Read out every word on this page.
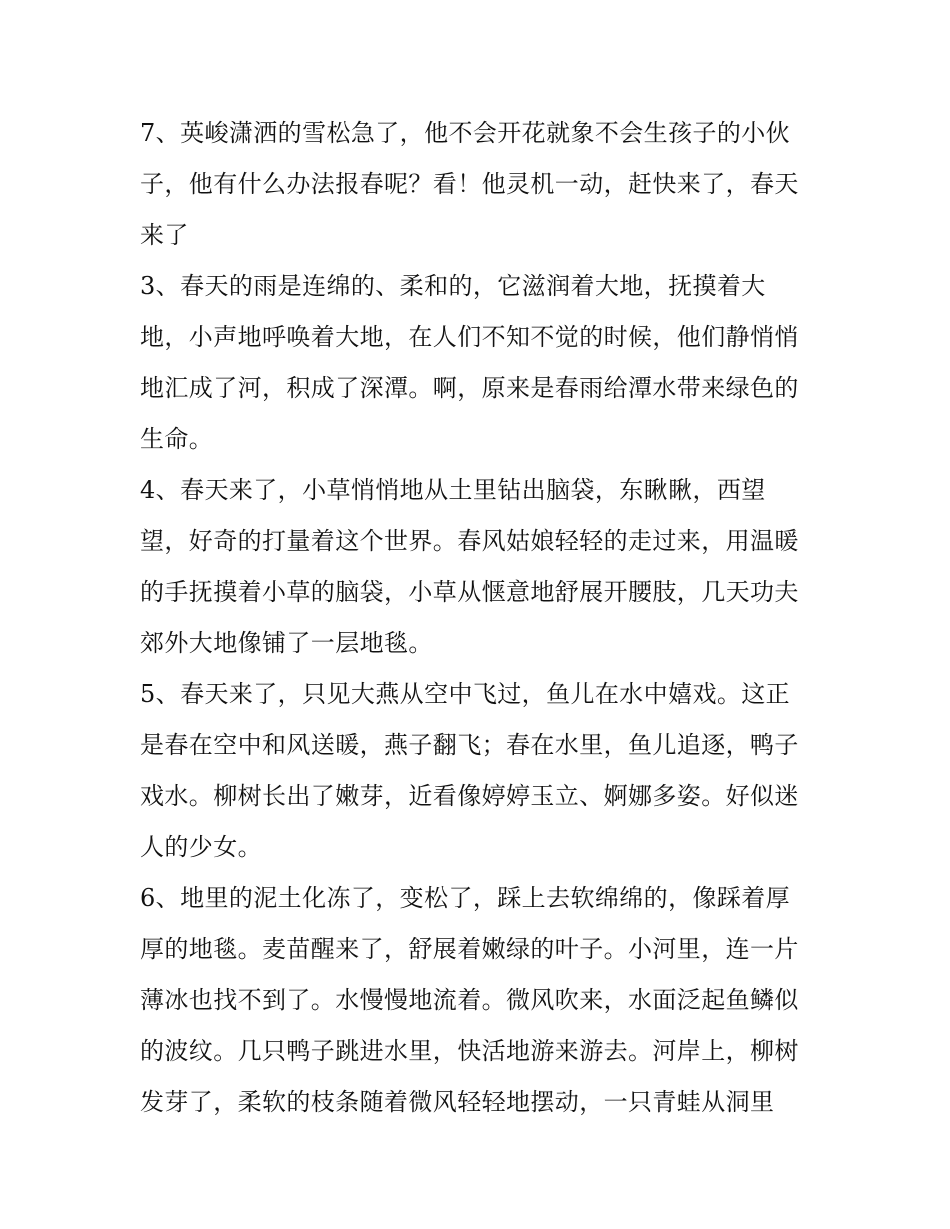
7、英峻潇洒的雪松急了，他不会开花就象不会生孩子的小伙
子，他有什么办法报春呢？看！他灵机一动，赶快来了，春天
来了
3、春天的雨是连绵的、柔和的，它滋润着大地，抚摸着大
地，小声地呼唤着大地，在人们不知不觉的时候，他们静悄悄
地汇成了河，积成了深潭。啊，原来是春雨给潭水带来绿色的
生命。
4、春天来了，小草悄悄地从土里钻出脑袋，东瞅瞅，西望
望，好奇的打量着这个世界。春风姑娘轻轻的走过来，用温暖
的手抚摸着小草的脑袋，小草从惬意地舒展开腰肢，几天功夫
郊外大地像铺了一层地毯。
5、春天来了，只见大燕从空中飞过，鱼儿在水中嬉戏。这正
是春在空中和风送暖，燕子翻飞；春在水里，鱼儿追逐，鸭子
戏水。柳树长出了嫩芽，近看像婷婷玉立、婀娜多姿。好似迷
人的少女。
6、地里的泥土化冻了，变松了，踩上去软绵绵的，像踩着厚
厚的地毯。麦苗醒来了，舒展着嫩绿的叶子。小河里，连一片
薄冰也找不到了。水慢慢地流着。微风吹来，水面泛起鱼鳞似
的波纹。几只鸭子跳进水里，快活地游来游去。河岸上，柳树
发芽了，柔软的枝条随着微风轻轻地摆动，一只青蛙从洞里
